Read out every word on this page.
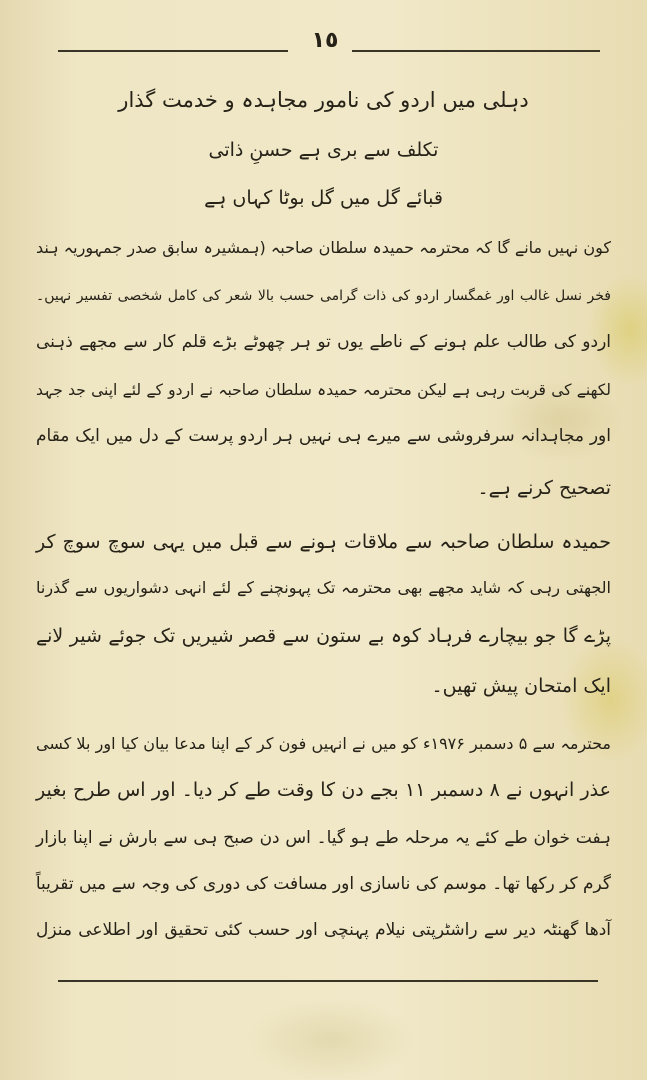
١٥
دہلی میں اردو کی نامور مجاہدہ و خدمت گذار
تکلف سے بری ہے حسنِ ذاتی
قبائے گل میں گل بوٹا کہاں ہے
کون نہیں مانے گا کہ محترمہ حمیدہ سلطان صاحبہ (ہمشیرہ سابق صدر جمہوریہ ہند
فخر نسل غالب اور غمگسار اردو کی ذات گرامی حسب بالا شعر کی کامل شخصی تفسیر نہیں۔
اردو کی طالب علم ہونے کے ناطے یوں تو ہر چھوٹے بڑے قلم کار سے مجھے ذہنی
لکھنے کی قربت رہی ہے لیکن محترمہ حمیدہ سلطان صاحبہ نے اردو کے لئے اپنی جد جہد
اور مجاہدانہ سرفروشی سے میرے ہی نہیں ہر اردو پرست کے دل میں ایک مقام
تصحیح کرنے ہے۔
حمیدہ سلطان صاحبہ سے ملاقات ہونے سے قبل میں یہی سوچ سوچ کر
الجھتی رہی کہ شاید مجھے بھی محترمہ تک پہونچنے کے لئے انہی دشواریوں سے گذرنا
پڑے گا جو بیچارے فرہاد کوہ بے ستون سے قصر شیریں تک جوئے شیر لانے
ایک امتحان پیش تھیں۔
محترمہ سے ۵ دسمبر ۱۹۷۶ء کو میں نے انہیں فون کر کے اپنا مدعا بیان کیا اور بلا کسی
عذر انہوں نے ۸ دسمبر ۱۱ بجے دن کا وقت طے کر دیا۔ اور اس طرح بغیر
ہفت خوان طے کئے یہ مرحلہ طے ہو گیا۔ اس دن صبح ہی سے بارش نے اپنا بازار
گرم کر رکھا تھا۔ موسم کی ناسازی اور مسافت کی دوری کی وجہ سے میں تقریباً
آدھا گھنٹہ دیر سے راشٹرپتی نیلام پہنچی اور حسب کئی تحقیق اور اطلاعی منزل
